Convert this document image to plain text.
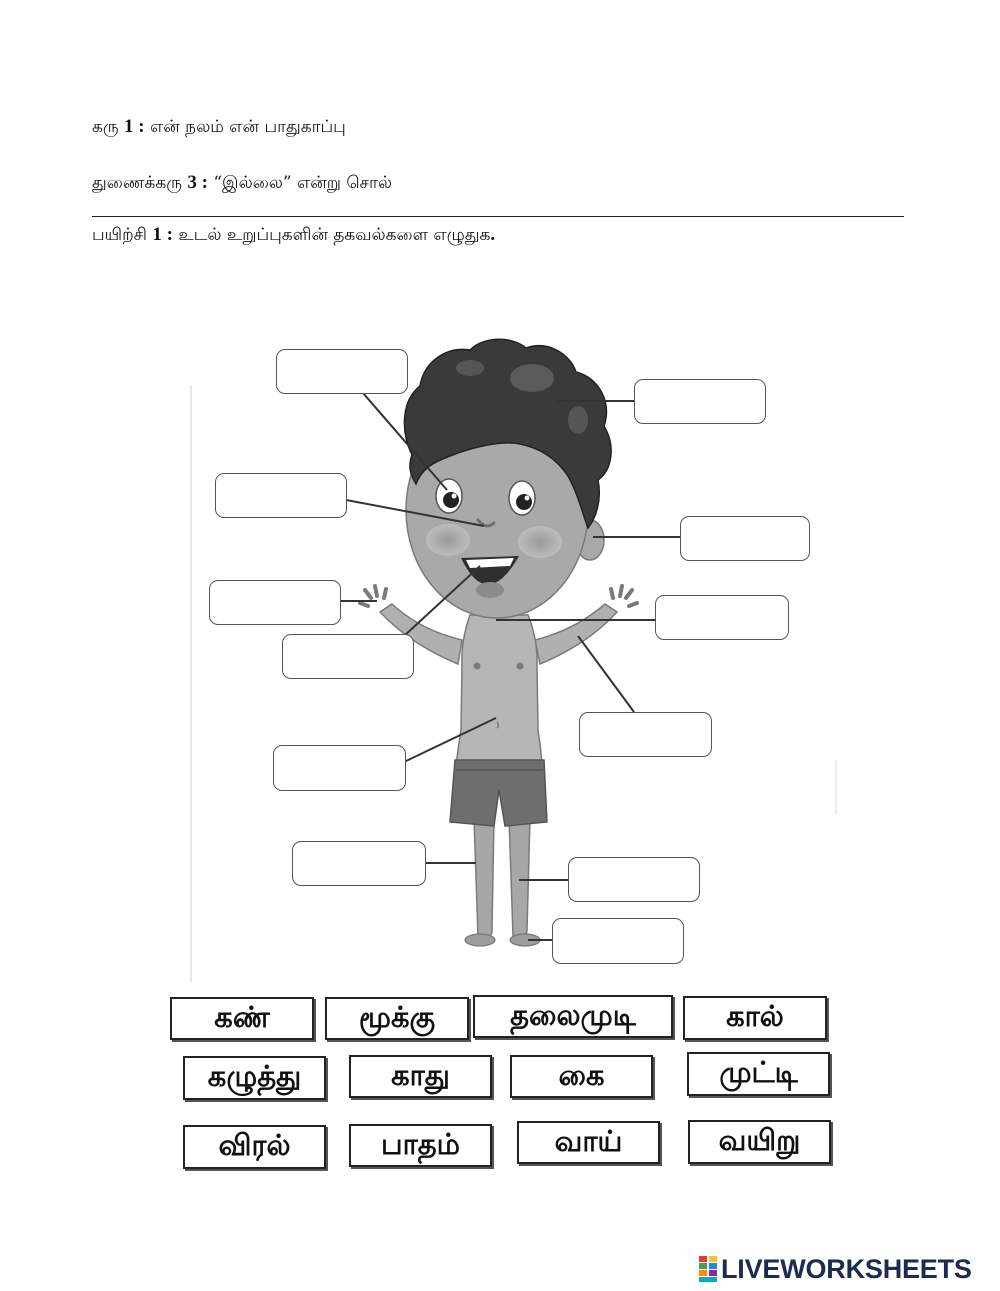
கரு 1 : என் நலம் என் பாதுகாப்பு
துணைக்கரு 3 : “இல்லை” என்று சொல்
பயிற்சி 1 : உடல் உறுப்புகளின் தகவல்களை எழுதுக.
கண்	மூக்கு	தலைமுடி	கால்
கழுத்து	காது	கை	முட்டி
விரல்	பாதம்	வாய்	வயிறு
LIVEWORKSHEETS
